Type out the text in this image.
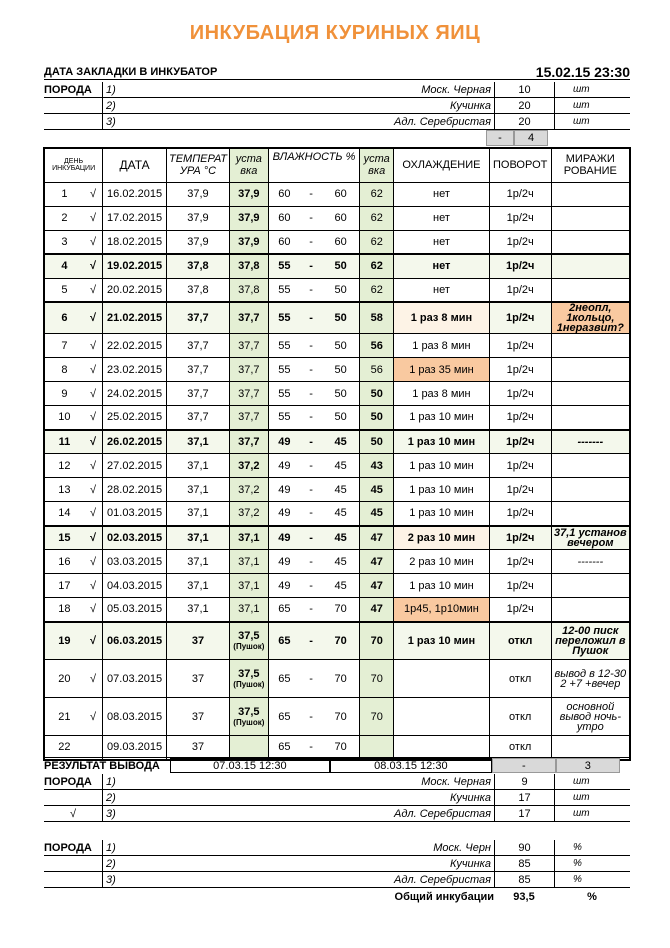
ИНКУБАЦИЯ КУРИНЫХ ЯИЦ
ДАТА ЗАКЛАДКИ В ИНКУБАТОР	15.02.15 23:30
ПОРОДА	1)	Моск. Черная	10	шт
2)	Кучинка	20	шт
3)	Адл. Серебристая	20	шт
-	4
ДЕНЬ ИНКУБАЦИИ		ДАТА	ТЕМПЕРАТ УРА °С	уста вка	ВЛАЖНОСТЬ %			уста вка	ОХЛАЖДЕНИЕ	ПОВОРОТ	МИРАЖИ РОВАНИЕ
1	√	16.02.2015	37,9	37,9	60	-	60	62	нет	1р/2ч	
2	√	17.02.2015	37,9	37,9	60	-	60	62	нет	1р/2ч	
3	√	18.02.2015	37,9	37,9	60	-	60	62	нет	1р/2ч	
4	√	19.02.2015	37,8	37,8	55	-	50	62	нет	1р/2ч	
5	√	20.02.2015	37,8	37,8	55	-	50	62	нет	1р/2ч	
6	√	21.02.2015	37,7	37,7	55	-	50	58	1 раз 8 мин	1р/2ч	2неопл, 1кольцо, 1неразвит?
7	√	22.02.2015	37,7	37,7	55	-	50	56	1 раз 8 мин	1р/2ч	
8	√	23.02.2015	37,7	37,7	55	-	50	56	1 раз 35 мин	1р/2ч	
9	√	24.02.2015	37,7	37,7	55	-	50	50	1 раз 8 мин	1р/2ч	
10	√	25.02.2015	37,7	37,7	55	-	50	50	1 раз 10 мин	1р/2ч	
11	√	26.02.2015	37,1	37,7	49	-	45	50	1 раз 10 мин	1р/2ч	-------
12	√	27.02.2015	37,1	37,2	49	-	45	43	1 раз 10 мин	1р/2ч	
13	√	28.02.2015	37,1	37,2	49	-	45	45	1 раз 10 мин	1р/2ч	
14	√	01.03.2015	37,1	37,2	49	-	45	45	1 раз 10 мин	1р/2ч	
15	√	02.03.2015	37,1	37,1	49	-	45	47	2 раз 10 мин	1р/2ч	37,1 установ вечером
16	√	03.03.2015	37,1	37,1	49	-	45	47	2 раз 10 мин	1р/2ч	-------
17	√	04.03.2015	37,1	37,1	49	-	45	47	1 раз 10 мин	1р/2ч	
18	√	05.03.2015	37,1	37,1	65	-	70	47	1р45, 1р10мин	1р/2ч	
19	√	06.03.2015	37	37,5
(Пушок)	65	-	70	70	1 раз 10 мин	откл	12-00 писк переложил в Пушок
20	√	07.03.2015	37	37,5
(Пушок)	65	-	70	70		откл	вывод в 12-30 2 +7 +вечер
21	√	08.03.2015	37	37,5
(Пушок)	65	-	70	70		откл	основной вывод ночь-утро
22		09.03.2015	37		65	-	70			откл	
РЕЗУЛЬТАТ ВЫВОДА	07.03.15 12:30	08.03.15 12:30	-	3
ПОРОДА	1)	Моск. Черная	9	шт
2)	Кучинка	17	шт
√	3)	Адл. Серебристая	17	шт
ПОРОДА	1)	Моск. Черн	90	%
2)	Кучинка	85	%
3)	Адл. Серебристая	85	%
Общий инкубации	93,5	%
